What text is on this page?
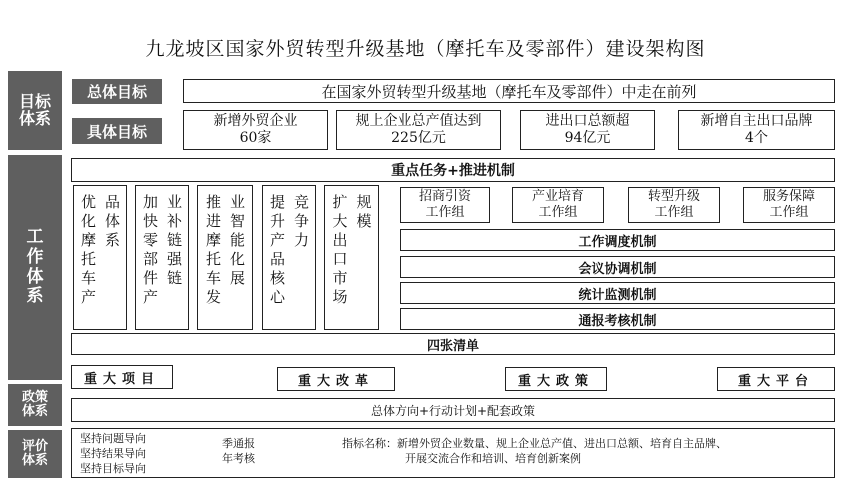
九龙坡区国家外贸转型升级基地（摩托车及零部件）建设架构图
目标
体系
工
作
体
系
政策
体系
评价
体系
总体目标	在国家外贸转型升级基地（摩托车及零部件）中走在前列
具体目标
新增外贸企业
60家
规上企业总产值达到
225亿元
进出口总额超
94亿元
新增自主出口品牌
4个
重点任务+推进机制
优化摩托车产 品体系 加快零部件产 业补链强链 推进摩托车发 业智能化展 提升产品核心 竞争力 扩大出口市场 规模	招商引资
工作组
产业培育
工作组
转型升级
工作组
服务保障
工作组
工作调度机制
会议协调机制
统计监测机制
通报考核机制
四张清单
重大项目	重大改革	重大政策	重大平台
总体方向+行动计划+配套政策
坚持问题导向
坚持结果导向
坚持目标导向
季通报
年考核
指标名称：新增外贸企业数量、规上企业总产值、进出口总额、培育自主品牌、
开展交流合作和培训、培育创新案例
